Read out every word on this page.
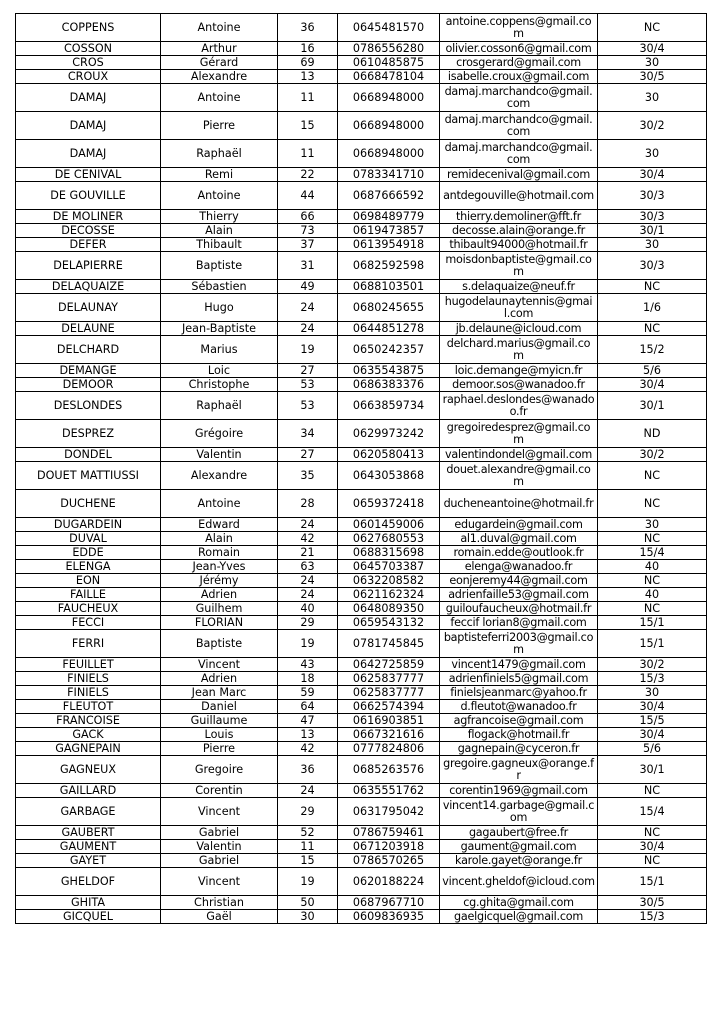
COPPENS	Antoine	36	0645481570	antoine.coppens@gmail.com	NC
COSSON	Arthur	16	0786556280	olivier.cosson6@gmail.com	30/4
CROS	Gérard	69	0610485875	crosgerard@gmail.com	30
CROUX	Alexandre	13	0668478104	isabelle.croux@gmail.com	30/5
DAMAJ	Antoine	11	0668948000	damaj.marchandco@gmail.com	30
DAMAJ	Pierre	15	0668948000	damaj.marchandco@gmail.com	30/2
DAMAJ	Raphaël	11	0668948000	damaj.marchandco@gmail.com	30
DE CENIVAL	Remi	22	0783341710	remidecenival@gmail.com	30/4
DE GOUVILLE	Antoine	44	0687666592	antdegouville@hotmail.com	30/3
DE MOLINER	Thierry	66	0698489779	thierry.demoliner@fft.fr	30/3
DECOSSE	Alain	73	0619473857	decosse.alain@orange.fr	30/1
DEFER	Thibault	37	0613954918	thibault94000@hotmail.fr	30
DELAPIERRE	Baptiste	31	0682592598	moisdonbaptiste@gmail.com	30/3
DELAQUAIZE	Sébastien	49	0688103501	s.delaquaize@neuf.fr	NC
DELAUNAY	Hugo	24	0680245655	hugodelaunaytennis@gmail.com	1/6
DELAUNE	Jean-Baptiste	24	0644851278	jb.delaune@icloud.com	NC
DELCHARD	Marius	19	0650242357	delchard.marius@gmail.com	15/2
DEMANGE	Loic	27	0635543875	loic.demange@myicn.fr	5/6
DEMOOR	Christophe	53	0686383376	demoor.sos@wanadoo.fr	30/4
DESLONDES	Raphaël	53	0663859734	raphael.deslondes@wanadoo.fr	30/1
DESPREZ	Grégoire	34	0629973242	gregoiredesprez@gmail.com	ND
DONDEL	Valentin	27	0620580413	valentindondel@gmail.com	30/2
DOUET MATTIUSSI	Alexandre	35	0643053868	douet.alexandre@gmail.com	NC
DUCHENE	Antoine	28	0659372418	ducheneantoine@hotmail.fr	NC
DUGARDEIN	Edward	24	0601459006	edugardein@gmail.com	30
DUVAL	Alain	42	0627680553	al1.duval@gmail.com	NC
EDDE	Romain	21	0688315698	romain.edde@outlook.fr	15/4
ELENGA	Jean-Yves	63	0645703387	elenga@wanadoo.fr	40
EON	Jérémy	24	0632208582	eonjeremy44@gmail.com	NC
FAILLE	Adrien	24	0621162324	adrienfaille53@gmail.com	40
FAUCHEUX	Guilhem	40	0648089350	guiloufaucheux@hotmail.fr	NC
FECCI	FLORIAN	29	0659543132	feccif lorian8@gmail.com	15/1
FERRI	Baptiste	19	0781745845	baptisteferri2003@gmail.com	15/1
FEUILLET	Vincent	43	0642725859	vincent1479@gmail.com	30/2
FINIELS	Adrien	18	0625837777	adrienfiniels5@gmail.com	15/3
FINIELS	Jean Marc	59	0625837777	finielsjeanmarc@yahoo.fr	30
FLEUTOT	Daniel	64	0662574394	d.fleutot@wanadoo.fr	30/4
FRANCOISE	Guillaume	47	0616903851	agfrancoise@gmail.com	15/5
GACK	Louis	13	0667321616	flogack@hotmail.fr	30/4
GAGNEPAIN	Pierre	42	0777824806	gagnepain@cyceron.fr	5/6
GAGNEUX	Gregoire	36	0685263576	gregoire.gagneux@orange.fr	30/1
GAILLARD	Corentin	24	0635551762	corentin1969@gmail.com	NC
GARBAGE	Vincent	29	0631795042	vincent14.garbage@gmail.com	15/4
GAUBERT	Gabriel	52	0786759461	gagaubert@free.fr	NC
GAUMENT	Valentin	11	0671203918	gaument@gmail.com	30/4
GAYET	Gabriel	15	0786570265	karole.gayet@orange.fr	NC
GHELDOF	Vincent	19	0620188224	vincent.gheldof@icloud.com	15/1
GHITA	Christian	50	0687967710	cg.ghita@gmail.com	30/5
GICQUEL	Gaël	30	0609836935	gaelgicquel@gmail.com	15/3
